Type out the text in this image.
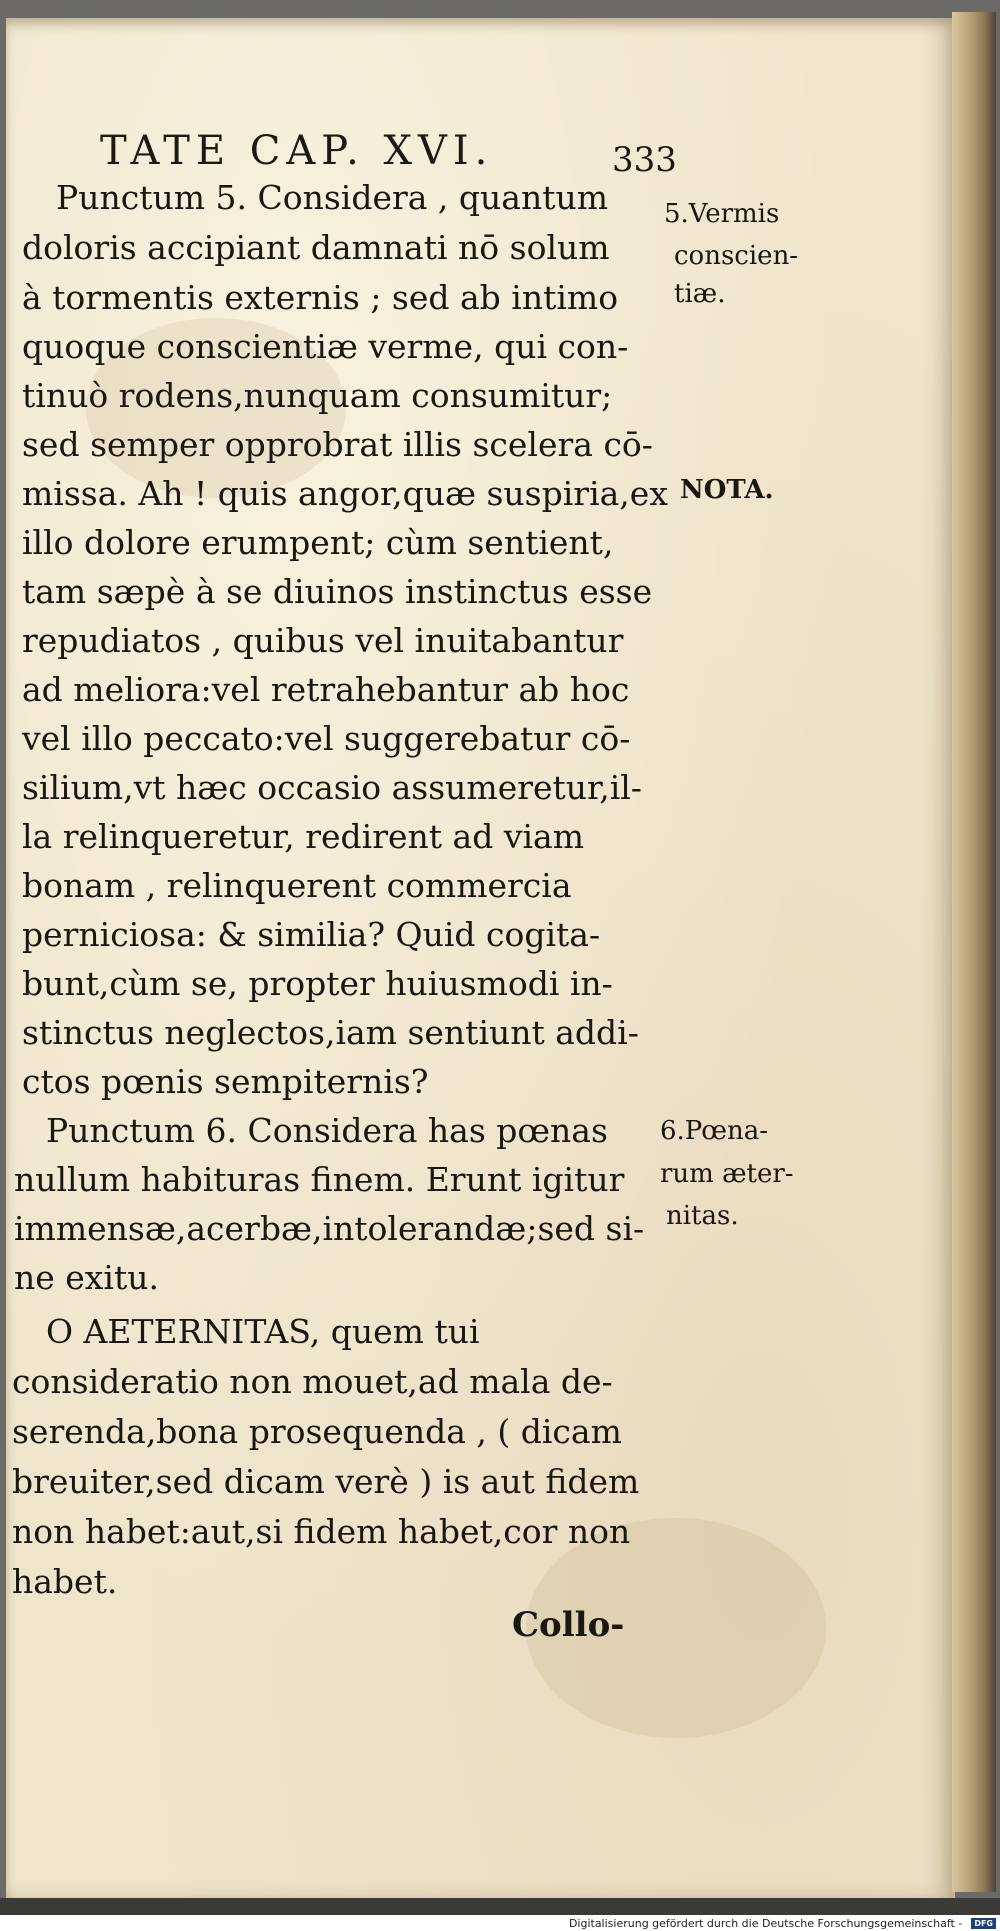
TATE CAP. XVI.	333
Punctum 5. Considera , quantum
doloris accipiant damnati nō solum
à tormentis externis ; sed ab intimo
quoque conscientiæ verme, qui con-
tinuò rodens,nunquam consumitur;
sed semper opprobrat illis scelera cō-
missa. Ah ! quis angor,quæ suspiria,ex
illo dolore erumpent; cùm sentient,
tam sæpè à se diuinos instinctus esse
repudiatos , quibus vel inuitabantur
ad meliora:vel retrahebantur ab hoc
vel illo peccato:vel suggerebatur cō-
silium,vt hæc occasio assumeretur,il-
la relinqueretur, redirent ad viam
bonam , relinquerent commercia
perniciosa: & similia? Quid cogita-
bunt,cùm se, propter huiusmodi in-
stinctus neglectos,iam sentiunt addi-
ctos pœnis sempiternis?
Punctum 6. Considera has pœnas
nullum habituras finem. Erunt igitur
immensæ,acerbæ,intolerandæ;sed si-
ne exitu.
O AETERNITAS, quem tui
consideratio non mouet,ad mala de-
serenda,bona prosequenda , ( dicam
breuiter,sed dicam verè ) is aut fidem
non habet:aut,si fidem habet,cor non
habet.
5.Vermis
conscien-
tiæ.
NOTA.
6.Pœna-
rum æter-
nitas.
Collo-
Digitalisierung gefördert durch die Deutsche Forschungsgemeinschaft -	DFG
